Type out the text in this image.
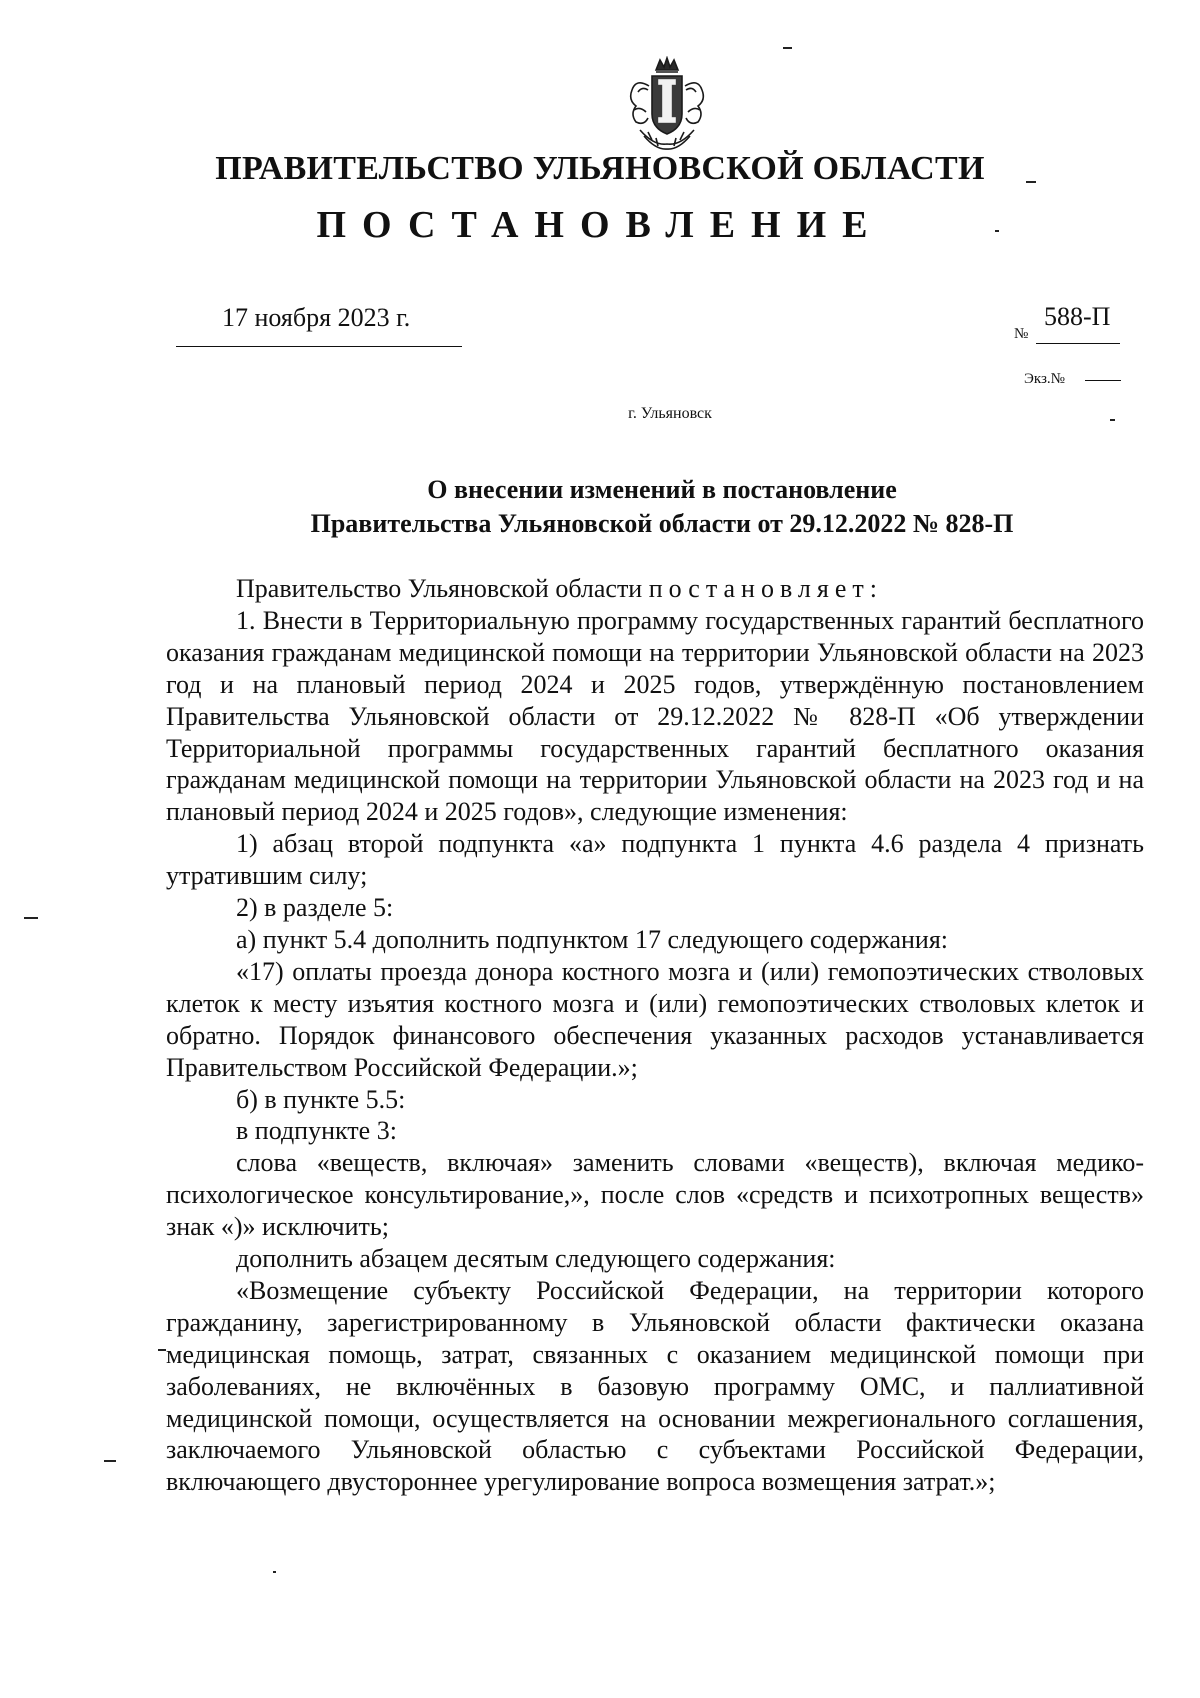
ПРАВИТЕЛЬСТВО УЛЬЯНОВСКОЙ ОБЛАСТИ
ПОСТАНОВЛЕНИЕ
17 ноября 2023 г.
№
588-П
Экз.№
г. Ульяновск
О внесении изменений в постановление
Правительства Ульяновской области от 29.12.2022 № 828-П

Правительство Ульяновской области постановляет:

1. Внести в Территориальную программу государственных гарантий бесплатного оказания гражданам медицинской помощи на территории Ульяновской области на 2023 год и на плановый период 2024 и 2025 годов, утверждённую постановлением Правительства Ульяновской области от 29.12.2022 № 828-П «Об утверждении Территориальной программы государственных гарантий бесплатного оказания гражданам медицинской помощи на территории Ульяновской области на 2023 год и на плановый период 2024 и 2025 годов», следующие изменения:

1) абзац второй подпункта «а» подпункта 1 пункта 4.6 раздела 4 признать утратившим силу;

2) в разделе 5:

а) пункт 5.4 дополнить подпунктом 17 следующего содержания:

«17) оплаты проезда донора костного мозга и (или) гемопоэтических стволовых клеток к месту изъятия костного мозга и (или) гемопоэтических стволовых клеток и обратно. Порядок финансового обеспечения указанных расходов устанавливается Правительством Российской Федерации.»;

б) в пункте 5.5:

в подпункте 3:

слова «веществ, включая» заменить словами «веществ), включая медико-психологическое консультирование,», после слов «средств и психотропных веществ» знак «)» исключить;

дополнить абзацем десятым следующего содержания:

«Возмещение субъекту Российской Федерации, на территории которого гражданину, зарегистрированному в Ульяновской области фактически оказана медицинская помощь, затрат, связанных с оказанием медицинской помощи при заболеваниях, не включённых в базовую программу ОМС, и паллиативной медицинской помощи, осуществляется на основании межрегионального соглашения, заключаемого Ульяновской областью с субъектами Российской Федерации, включающего двустороннее урегулирование вопроса возмещения затрат.»;
